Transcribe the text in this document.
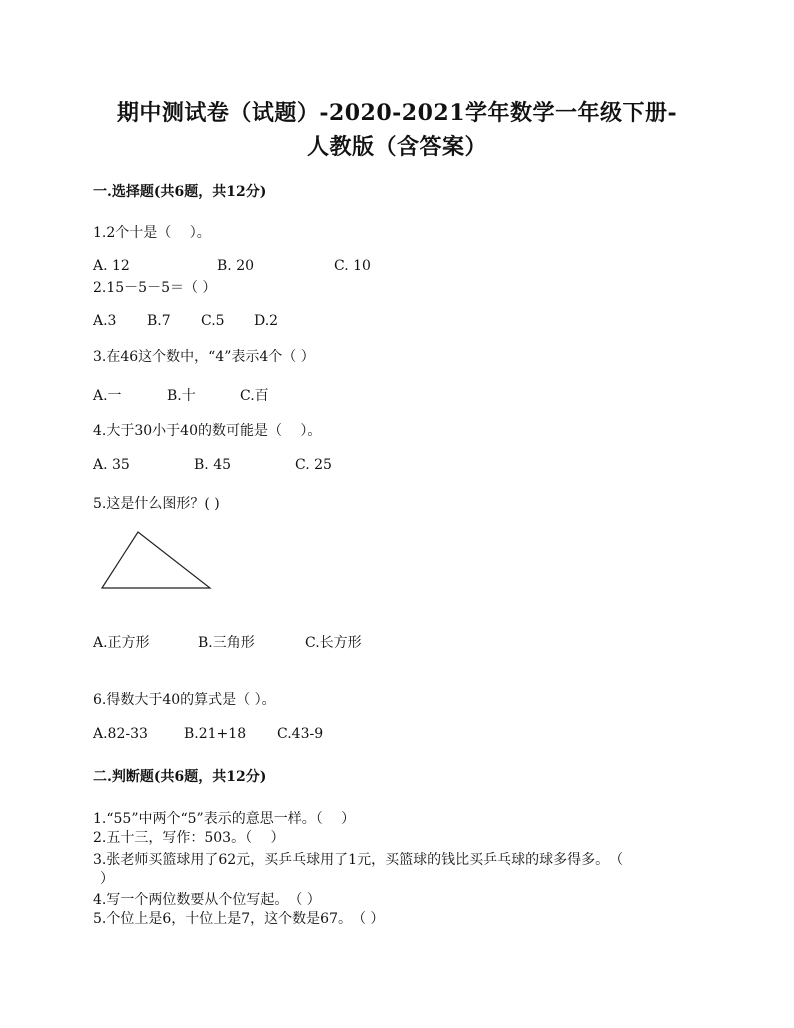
期中测试卷（试题）-2020-2021学年数学一年级下册-
人教版（含答案）
一.选择题(共6题，共12分)
1.2个十是（　 ）。
A. 12	B. 20	C. 10
2.15－5－5＝（ ）
A.3 B.7 C.5 D.2
3.在46这个数中，“4”表示4个（ ）
A.一	B.十	C.百
4.大于30小于40的数可能是（　 ）。
A. 35	B. 45	C. 25
5.这是什么图形？( )
A.正方形	B.三角形	C.长方形
6.得数大于40的算式是（ ）。
A.82-33	B.21+18 C.43-9
二.判断题(共6题，共12分)
1.“55”中两个“5”表示的意思一样。（　 ）
2.五十三，写作：503。（　 ）
3.张老师买篮球用了62元，买乒乓球用了1元，买篮球的钱比买乒乓球的球多得多。　（
）
4.写一个两位数要从个位写起。　（ ）
5.个位上是6，十位上是7，这个数是67。　（ ）
